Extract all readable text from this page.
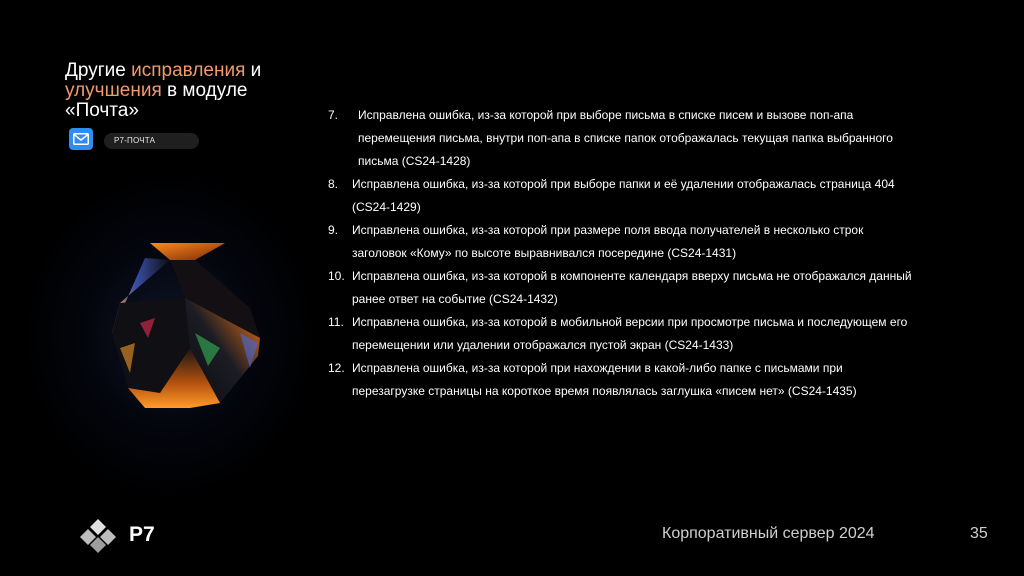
Другие исправления и
улучшения в модуле
«Почта»
Р7-ПОЧТА
7. Исправлена ошибка, из-за которой при выборе письма в списке писем и вызове поп-апа перемещения письма, внутри поп-апа в списке папок отображалась текущая папка выбранного письма (CS24-1428)
8. Исправлена ошибка, из-за которой при выборе папки и её удалении отображалась страница 404 (CS24-1429)
9. Исправлена ошибка, из-за которой при размере поля ввода получателей в несколько строк заголовок «Кому» по высоте выравнивался посередине (CS24-1431)
10. Исправлена ошибка, из-за которой в компоненте календаря вверху письма не отображался данный ранее ответ на событие (CS24-1432)
11. Исправлена ошибка, из-за которой в мобильной версии при просмотре письма и последующем его перемещении или удалении отображался пустой экран (CS24-1433)
12. Исправлена ошибка, из-за которой при нахождении в какой-либо папке с письмами при перезагрузке страницы на короткое время появлялась заглушка «писем нет» (CS24-1435)
Р7	Корпоративный сервер 2024	35
